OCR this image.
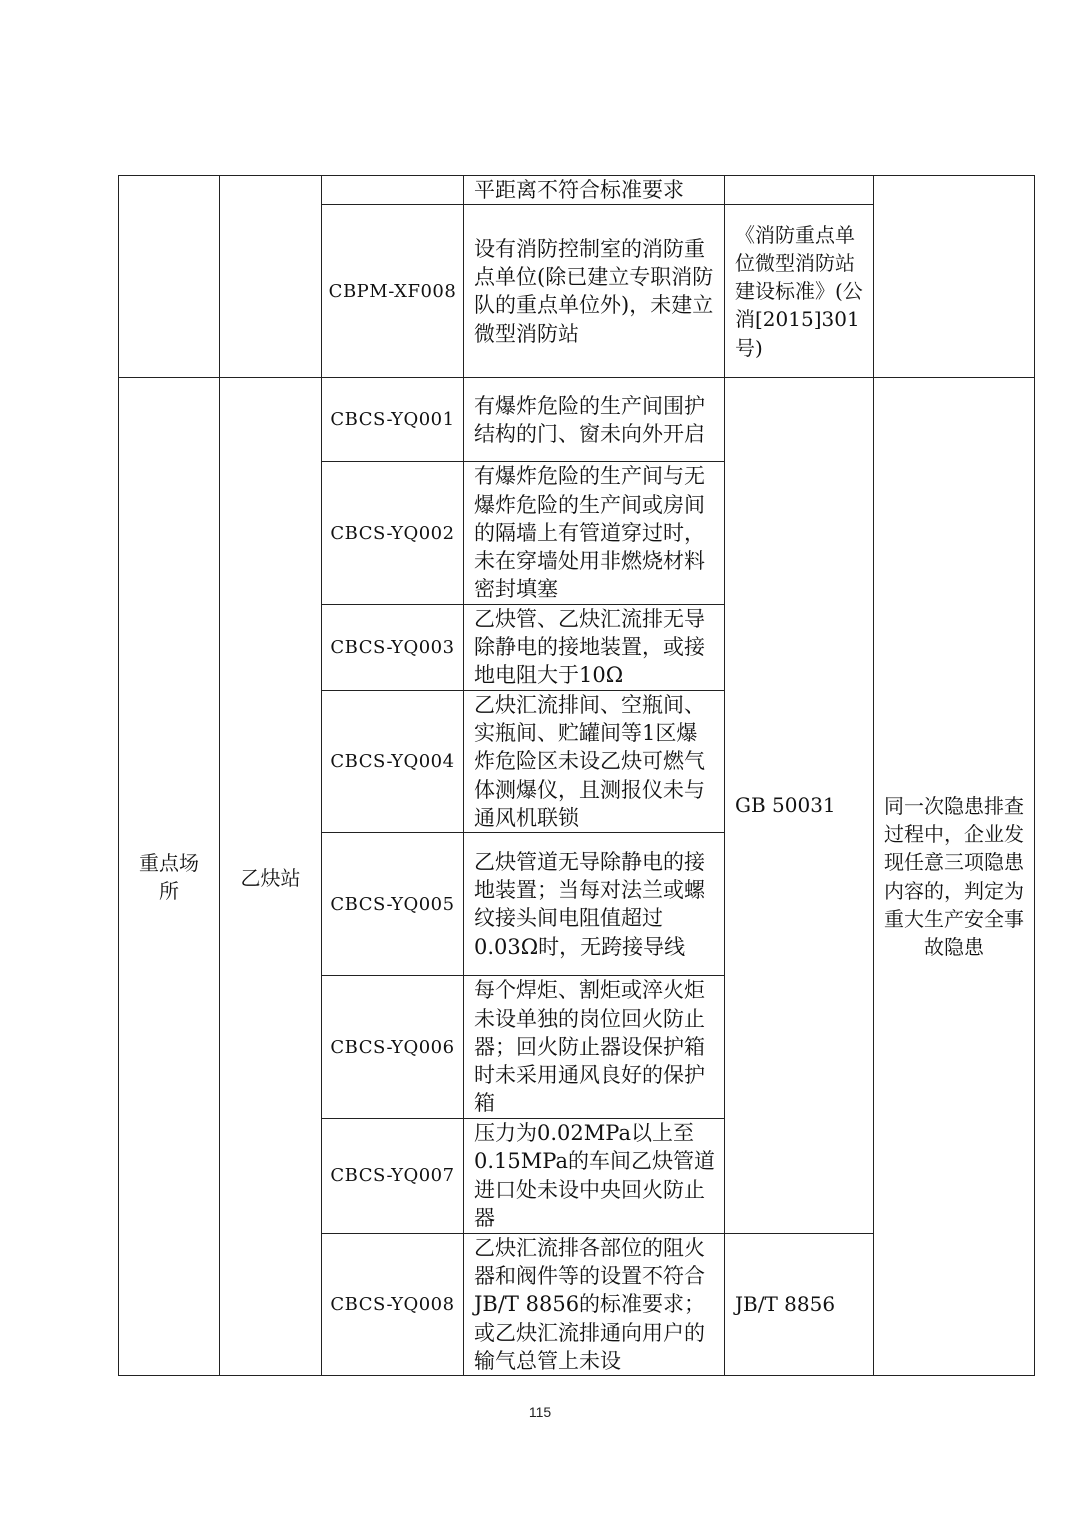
			平距离不符合标准要求		
		CBPM-XF008	设有消防控制室的消防重点单位(除已建立专职消防队的重点单位外)，未建立微型消防站	《消防重点单位微型消防站建设标准》(公消[2015]301号)	

重点场所	乙炔站	CBCS-YQ001	有爆炸危险的生产间围护结构的门、窗未向外开启	GB 50031	同一次隐患排查过程中，企业发现任意三项隐患内容的，判定为重大生产安全事故隐患
		CBCS-YQ002	有爆炸危险的生产间与无爆炸危险的生产间或房间的隔墙上有管道穿过时，未在穿墙处用非燃烧材料密封填塞		
		CBCS-YQ003	乙炔管、乙炔汇流排无导除静电的接地装置，或接地电阻大于10Ω		
		CBCS-YQ004	乙炔汇流排间、空瓶间、实瓶间、贮罐间等1区爆炸危险区未设乙炔可燃气体测爆仪，且测报仪未与通风机联锁		
		CBCS-YQ005	乙炔管道无导除静电的接地装置；当每对法兰或螺纹接头间电阻值超过0.03Ω时，无跨接导线		
		CBCS-YQ006	每个焊炬、割炬或淬火炬未设单独的岗位回火防止器；回火防止器设保护箱时未采用通风良好的保护箱		
		CBCS-YQ007	压力为0.02MPa以上至0.15MPa的车间乙炔管道进口处未设中央回火防止器		
		CBCS-YQ008	乙炔汇流排各部位的阻火器和阀件等的设置不符合JB/T 8856的标准要求；或乙炔汇流排通向用户的输气总管上未设	JB/T 8856	
115
